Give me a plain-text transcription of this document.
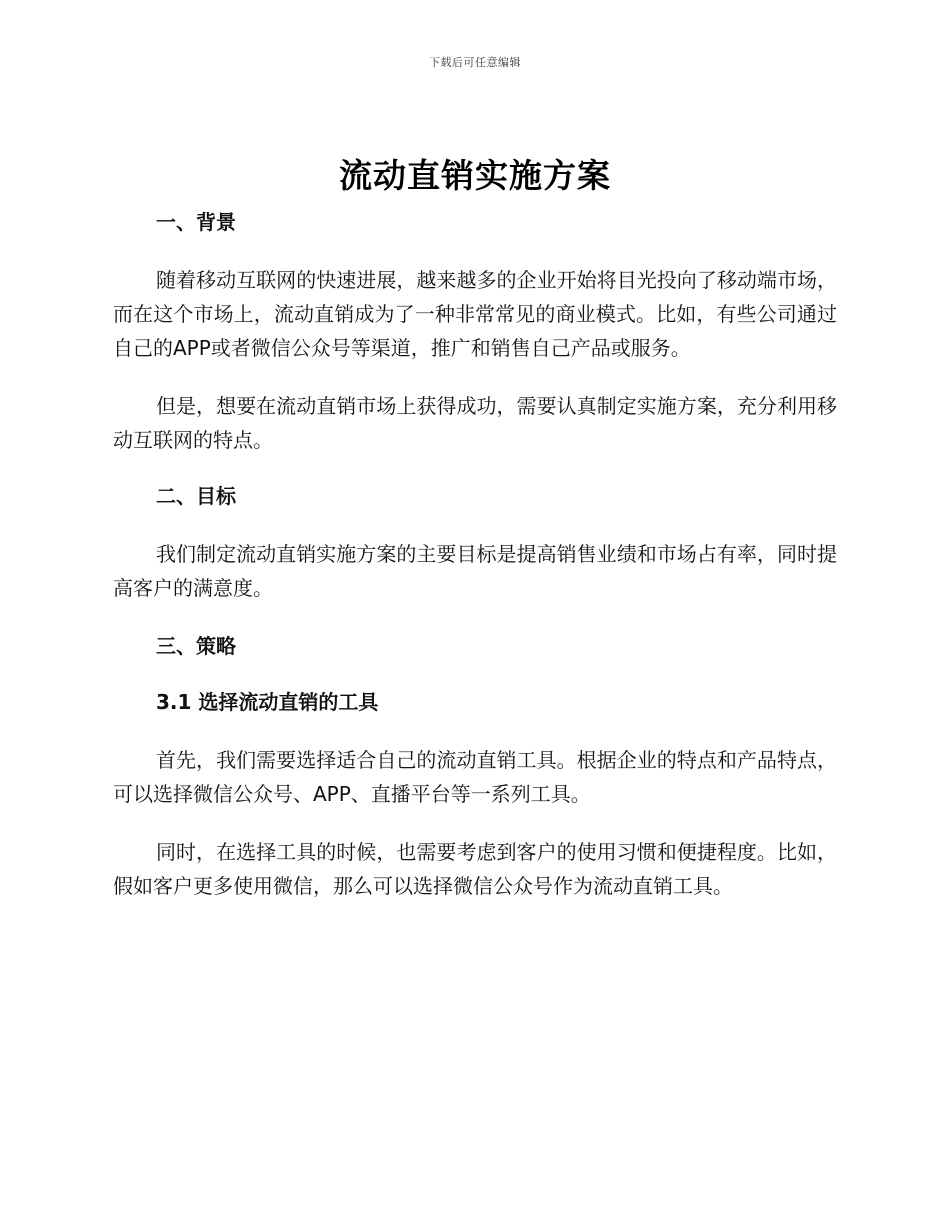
下载后可任意编辑
流动直销实施方案
一、背景

随着移动互联网的快速进展，越来越多的企业开始将目光投向了移动端市场，而在这个市场上，流动直销成为了一种非常常见的商业模式。比如，有些公司通过自己的APP或者微信公众号等渠道，推广和销售自己产品或服务。

但是，想要在流动直销市场上获得成功，需要认真制定实施方案，充分利用移动互联网的特点。

二、目标

我们制定流动直销实施方案的主要目标是提高销售业绩和市场占有率，同时提高客户的满意度。

三、策略
3.1 选择流动直销的工具

首先，我们需要选择适合自己的流动直销工具。根据企业的特点和产品特点，可以选择微信公众号、APP、直播平台等一系列工具。

同时，在选择工具的时候，也需要考虑到客户的使用习惯和便捷程度。比如，假如客户更多使用微信，那么可以选择微信公众号作为流动直销工具。
